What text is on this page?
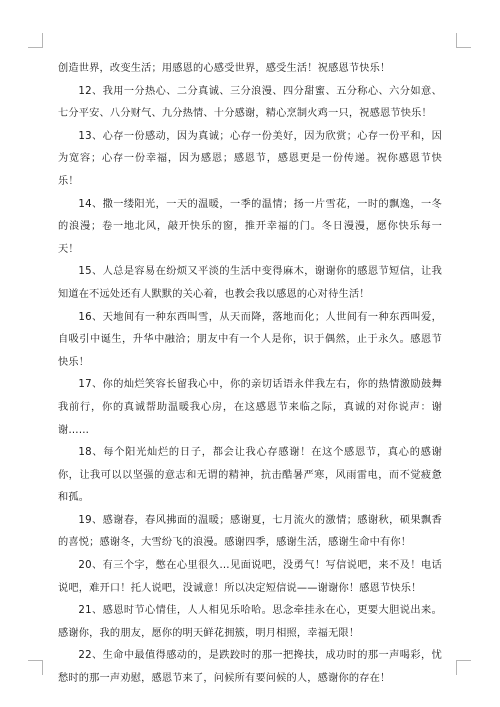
创造世界，改变生活；用感恩的心感受世界，感受生活！祝感恩节快乐！

12、我用一分热心、二分真诚、三分浪漫、四分甜蜜、五分称心、六分如意、七分平安、八分财气、九分热情、十分感谢，精心烹制火鸡一只，祝感恩节快乐！

13、心存一份感动，因为真诚；心存一份美好，因为欣赏；心存一份平和，因为宽容；心存一份幸福，因为感恩；感恩节，感恩更是一份传递。祝你感恩节快乐！

14、撒一缕阳光，一天的温暖，一季的温情；扬一片雪花，一时的飘逸，一冬的浪漫；卷一地北风，敲开快乐的窗，推开幸福的门。冬日漫漫，愿你快乐每一天！

15、人总是容易在纷烦又平淡的生活中变得麻木，谢谢你的感恩节短信，让我知道在不远处还有人默默的关心着，也教会我以感恩的心对待生活！

16、天地间有一种东西叫雪，从天而降，落地而化；人世间有一种东西叫爱，自吸引中诞生，升华中融洽；朋友中有一个人是你，识于偶然，止于永久。感恩节快乐！

17、你的灿烂笑容长留我心中，你的亲切话语永伴我左右，你的热情激励鼓舞我前行，你的真诚帮助温暖我心房，在这感恩节来临之际，真诚的对你说声：谢谢……

18、每个阳光灿烂的日子，都会让我心存感谢！在这个感恩节，真心的感谢你，让我可以以坚强的意志和无谓的精神，抗击酷暑严寒，风雨雷电，而不觉疲惫和孤。

19、感谢春，春风拂面的温暖；感谢夏，七月流火的激情；感谢秋，硕果飘香的喜悦；感谢冬，大雪纷飞的浪漫。感谢四季，感谢生活，感谢生命中有你！

20、有三个字，憋在心里很久…见面说吧，没勇气！写信说吧，来不及！电话说吧，难开口！托人说吧，没诚意！所以决定短信说——谢谢你！感恩节快乐！

21、感恩时节心情佳，人人相见乐哈哈。思念牵挂永在心，更要大胆说出来。感谢你，我的朋友，愿你的明天鲜花拥簇，明月相照，幸福无限！

22、生命中最值得感动的，是跌跤时的那一把搀扶，成功时的那一声喝彩，忧愁时的那一声劝慰，感恩节来了，问候所有要问候的人，感谢你的存在！
